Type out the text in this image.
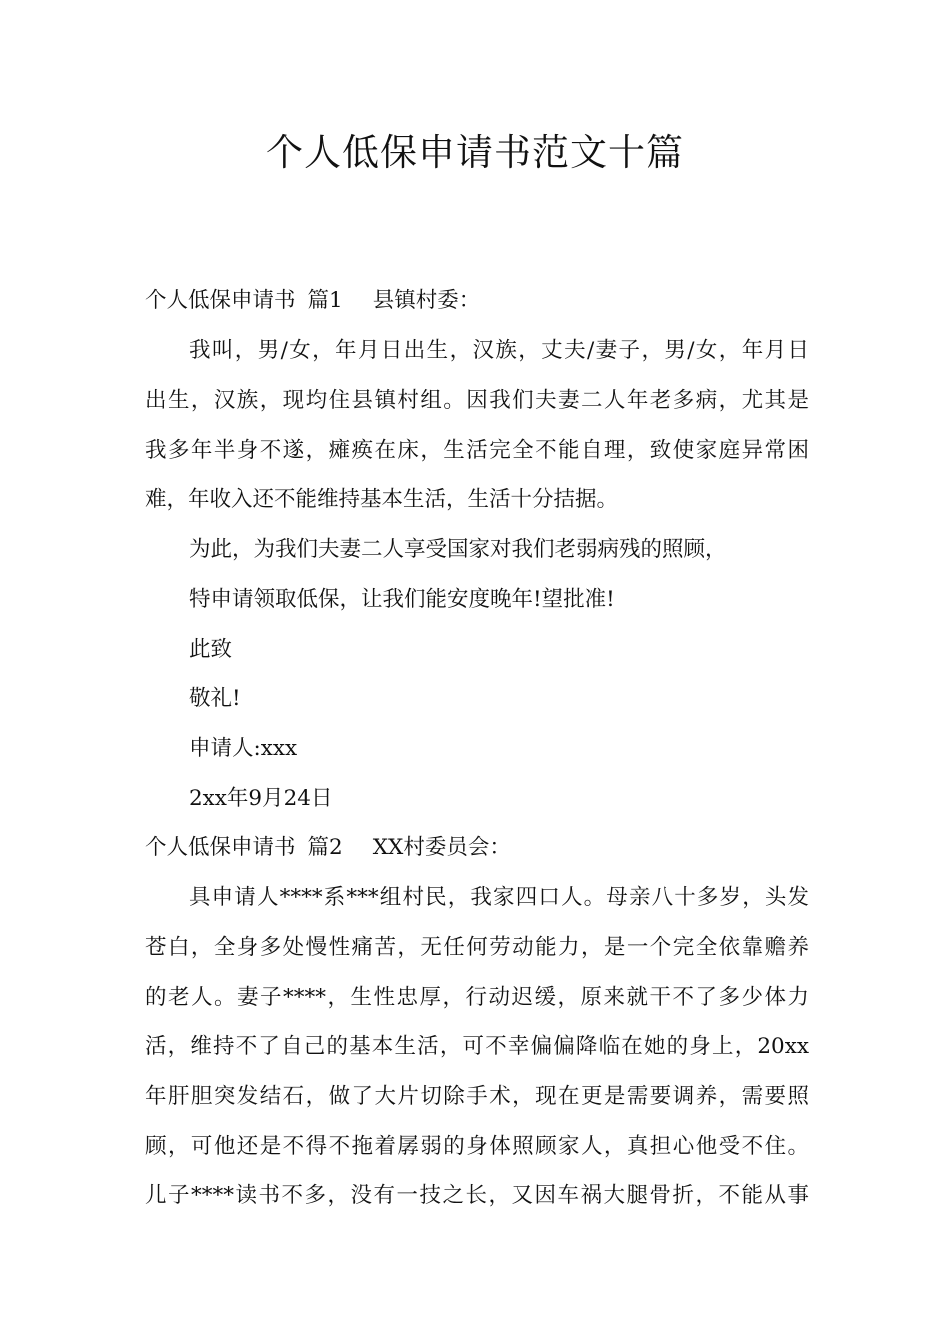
个人低保申请书范文十篇
个人低保申请书 篇1 县镇村委：
我叫，男/女，年月日出生，汉族，丈夫/妻子，男/女，年月日
出生，汉族，现均住县镇村组。因我们夫妻二人年老多病，尤其是
我多年半身不遂，瘫痪在床，生活完全不能自理，致使家庭异常困
难，年收入还不能维持基本生活，生活十分拮据。
为此，为我们夫妻二人享受国家对我们老弱病残的照顾，
特申请领取低保，让我们能安度晚年!望批准!
此致
敬礼!
申请人:xxx
2xx年9月24日
个人低保申请书 篇2 XX村委员会：
具申请人****系***组村民，我家四口人。母亲八十多岁，头发
苍白，全身多处慢性痛苦，无任何劳动能力，是一个完全依靠赡养
的老人。妻子****，生性忠厚，行动迟缓，原来就干不了多少体力
活，维持不了自己的基本生活，可不幸偏偏降临在她的身上，20xx
年肝胆突发结石，做了大片切除手术，现在更是需要调养，需要照
顾，可他还是不得不拖着孱弱的身体照顾家人，真担心他受不住。
儿子****读书不多，没有一技之长，又因车祸大腿骨折，不能从事
